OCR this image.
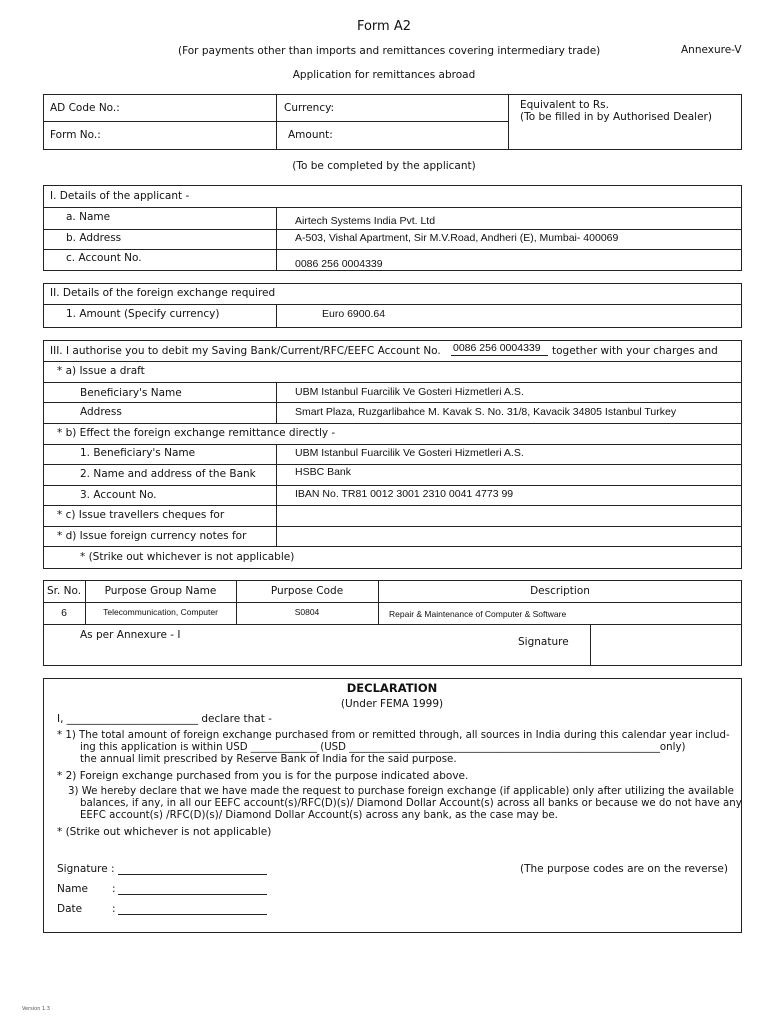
Form A2
(For payments other than imports and remittances covering intermediary trade)	Annexure-V
Application for remittances abroad
AD Code No.:	Currency:	Equivalent to Rs.
(To be filled in by Authorised Dealer)
Form No.:	Amount:
(To be completed by the applicant)
I. Details of the applicant -
a. Name	Airtech Systems India Pvt. Ltd
b. Address	A-503, Vishal Apartment, Sir M.V.Road, Andheri (E), Mumbai- 400069
c. Account No.	0086 256 0004339
II. Details of the foreign exchange required
1. Amount (Specify currency)	Euro 6900.64
III. I authorise you to debit my Saving Bank/Current/RFC/EEFC Account No. 0086 256 0004339 together with your charges and
* a) Issue a draft
Beneficiary's Name	UBM Istanbul Fuarcilik Ve Gosteri Hizmetleri A.S.
Address	Smart Plaza, Ruzgarlibahce M. Kavak S. No. 31/8, Kavacik 34805 Istanbul Turkey
* b) Effect the foreign exchange remittance directly -
1. Beneficiary's Name	UBM Istanbul Fuarcilik Ve Gosteri Hizmetleri A.S.
2. Name and address of the Bank	HSBC Bank
3. Account No.	IBAN No. TR81 0012 3001 2310 0041 4773 99
* c) Issue travellers cheques for
* d) Issue foreign currency notes for
* (Strike out whichever is not applicable)
Sr. No.	Purpose Group Name	Purpose Code	Description
6	Telecommunication, Computer	S0804	Repair & Maintenance of Computer & Software
As per Annexure - I
Signature
DECLARATION
(Under FEMA 1999)
I, _________________________ declare that -
* 1) The total amount of foreign exchange purchased from or remitted through, all sources in India during this calendar year includ-
ing this application is within USD _____________ (USD _____________________________________________________________only)
the annual limit prescribed by Reserve Bank of India for the said purpose.
* 2) Foreign exchange purchased from you is for the purpose indicated above.
3) We hereby declare that we have made the request to purchase foreign exchange (if applicable) only after utilizing the available
balances, if any, in all our EEFC account(s)/RFC(D)(s)/ Diamond Dollar Account(s) across all banks or because we do not have any
EEFC account(s) /RFC(D)(s)/ Diamond Dollar Account(s) across any bank, as the case may be.
* (Strike out whichever is not applicable)
Signature :	(The purpose codes are on the reverse)
Name :
Date	:
Version 1.3
